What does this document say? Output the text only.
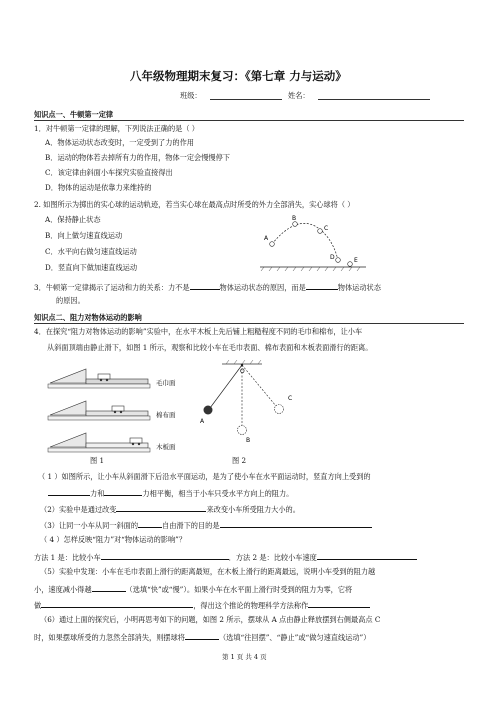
八年级物理期末复习：《第七章 力与运动》
班级：	姓名：
知识点一、牛顿第一定律
1．对牛顿第一定律的理解，下列说法正确的是（ ）
A．物体运动状态改变时，一定受到了力的作用
B．运动的物体若去掉所有力的作用，物体一定会慢慢停下
C．该定律由斜面小车探究实验直接得出
D．物体的运动是依靠力来维持的
2. 如图所示为掷出的实心球的运动轨迹，若当实心球在最高点时所受的外力全部消失，实心球将（ ）
A．保持静止状态
B．向上做匀速直线运动
C．水平向右做匀速直线运动
D．竖直向下做加速直线运动
A
B
C
D	E
3．牛顿第一定律揭示了运动和力的关系：力不是	物体运动状态的原因，而是	物体运动状态
的原因。
知识点二、阻力对物体运动的影响
4．在探究“阻力对物体运动的影响”实验中，在水平木板上先后铺上粗糙程度不同的毛巾和棉布，让小车
从斜面顶端由静止滑下，如图 1 所示，观察和比较小车在毛巾表面、棉布表面和木板表面滑行的距离。
毛巾面
棉布面
木板面
图 1
O
A
B
C
图 2
（ 1 ）如图所示，让小车从斜面滑下后沿水平面运动，是为了使小车在水平面运动时，竖直方向上受到的
力和	力相平衡，相当于小车只受水平方向上的阻力。
（2）实验中是通过改变	来改变小车所受阻力大小的。
（3）让同一小车从同一斜面的	自由滑下的目的是
（ 4 ）怎样反映“阻力”对“物体运动的影响”？
方法 1 是：比较小车	．方法 2 是：比较小车速度
（5）实验中发现：小车在毛巾表面上滑行的距离最短，在木板上滑行的距离最远，说明小车受到的阻力越
小，速度减小得越	（选填“快”或“慢”）。如果小车在水平面上滑行时受到的阻力为零，它将
做	，得出这个推论的物理科学方法称作
（6）通过上面的探究后，小明再思考如下的问题，如图 2 所示，摆球从 A 点由静止释放摆到右侧最高点 C
时，如果摆球所受的力忽然全部消失，则摆球将	（选填“往回摆”、“静止”或“做匀速直线运动”）
第 1 页 共 4 页
